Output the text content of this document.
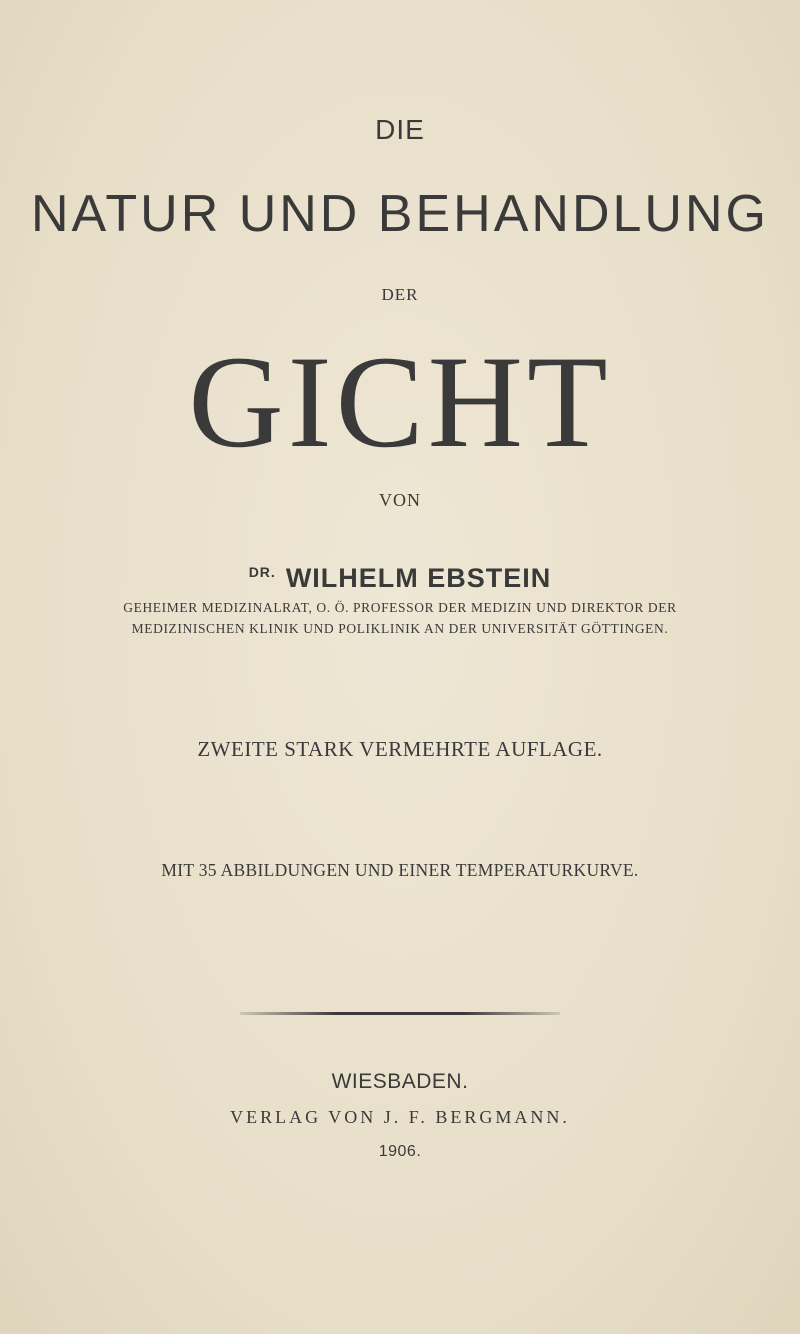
DIE
NATUR UND BEHANDLUNG
DER
GICHT
VON
$^{DR.}$ WILHELM EBSTEIN
GEHEIMER MEDIZINALRAT, O. Ö. PROFESSOR DER MEDIZIN UND DIREKTOR DER
MEDIZINISCHEN KLINIK UND POLIKLINIK AN DER UNIVERSITÄT GÖTTINGEN.
ZWEITE STARK VERMEHRTE AUFLAGE.
MIT 35 ABBILDUNGEN UND EINER TEMPERATURKURVE.
WIESBADEN.
VERLAG VON J. F. BERGMANN.
1906.
